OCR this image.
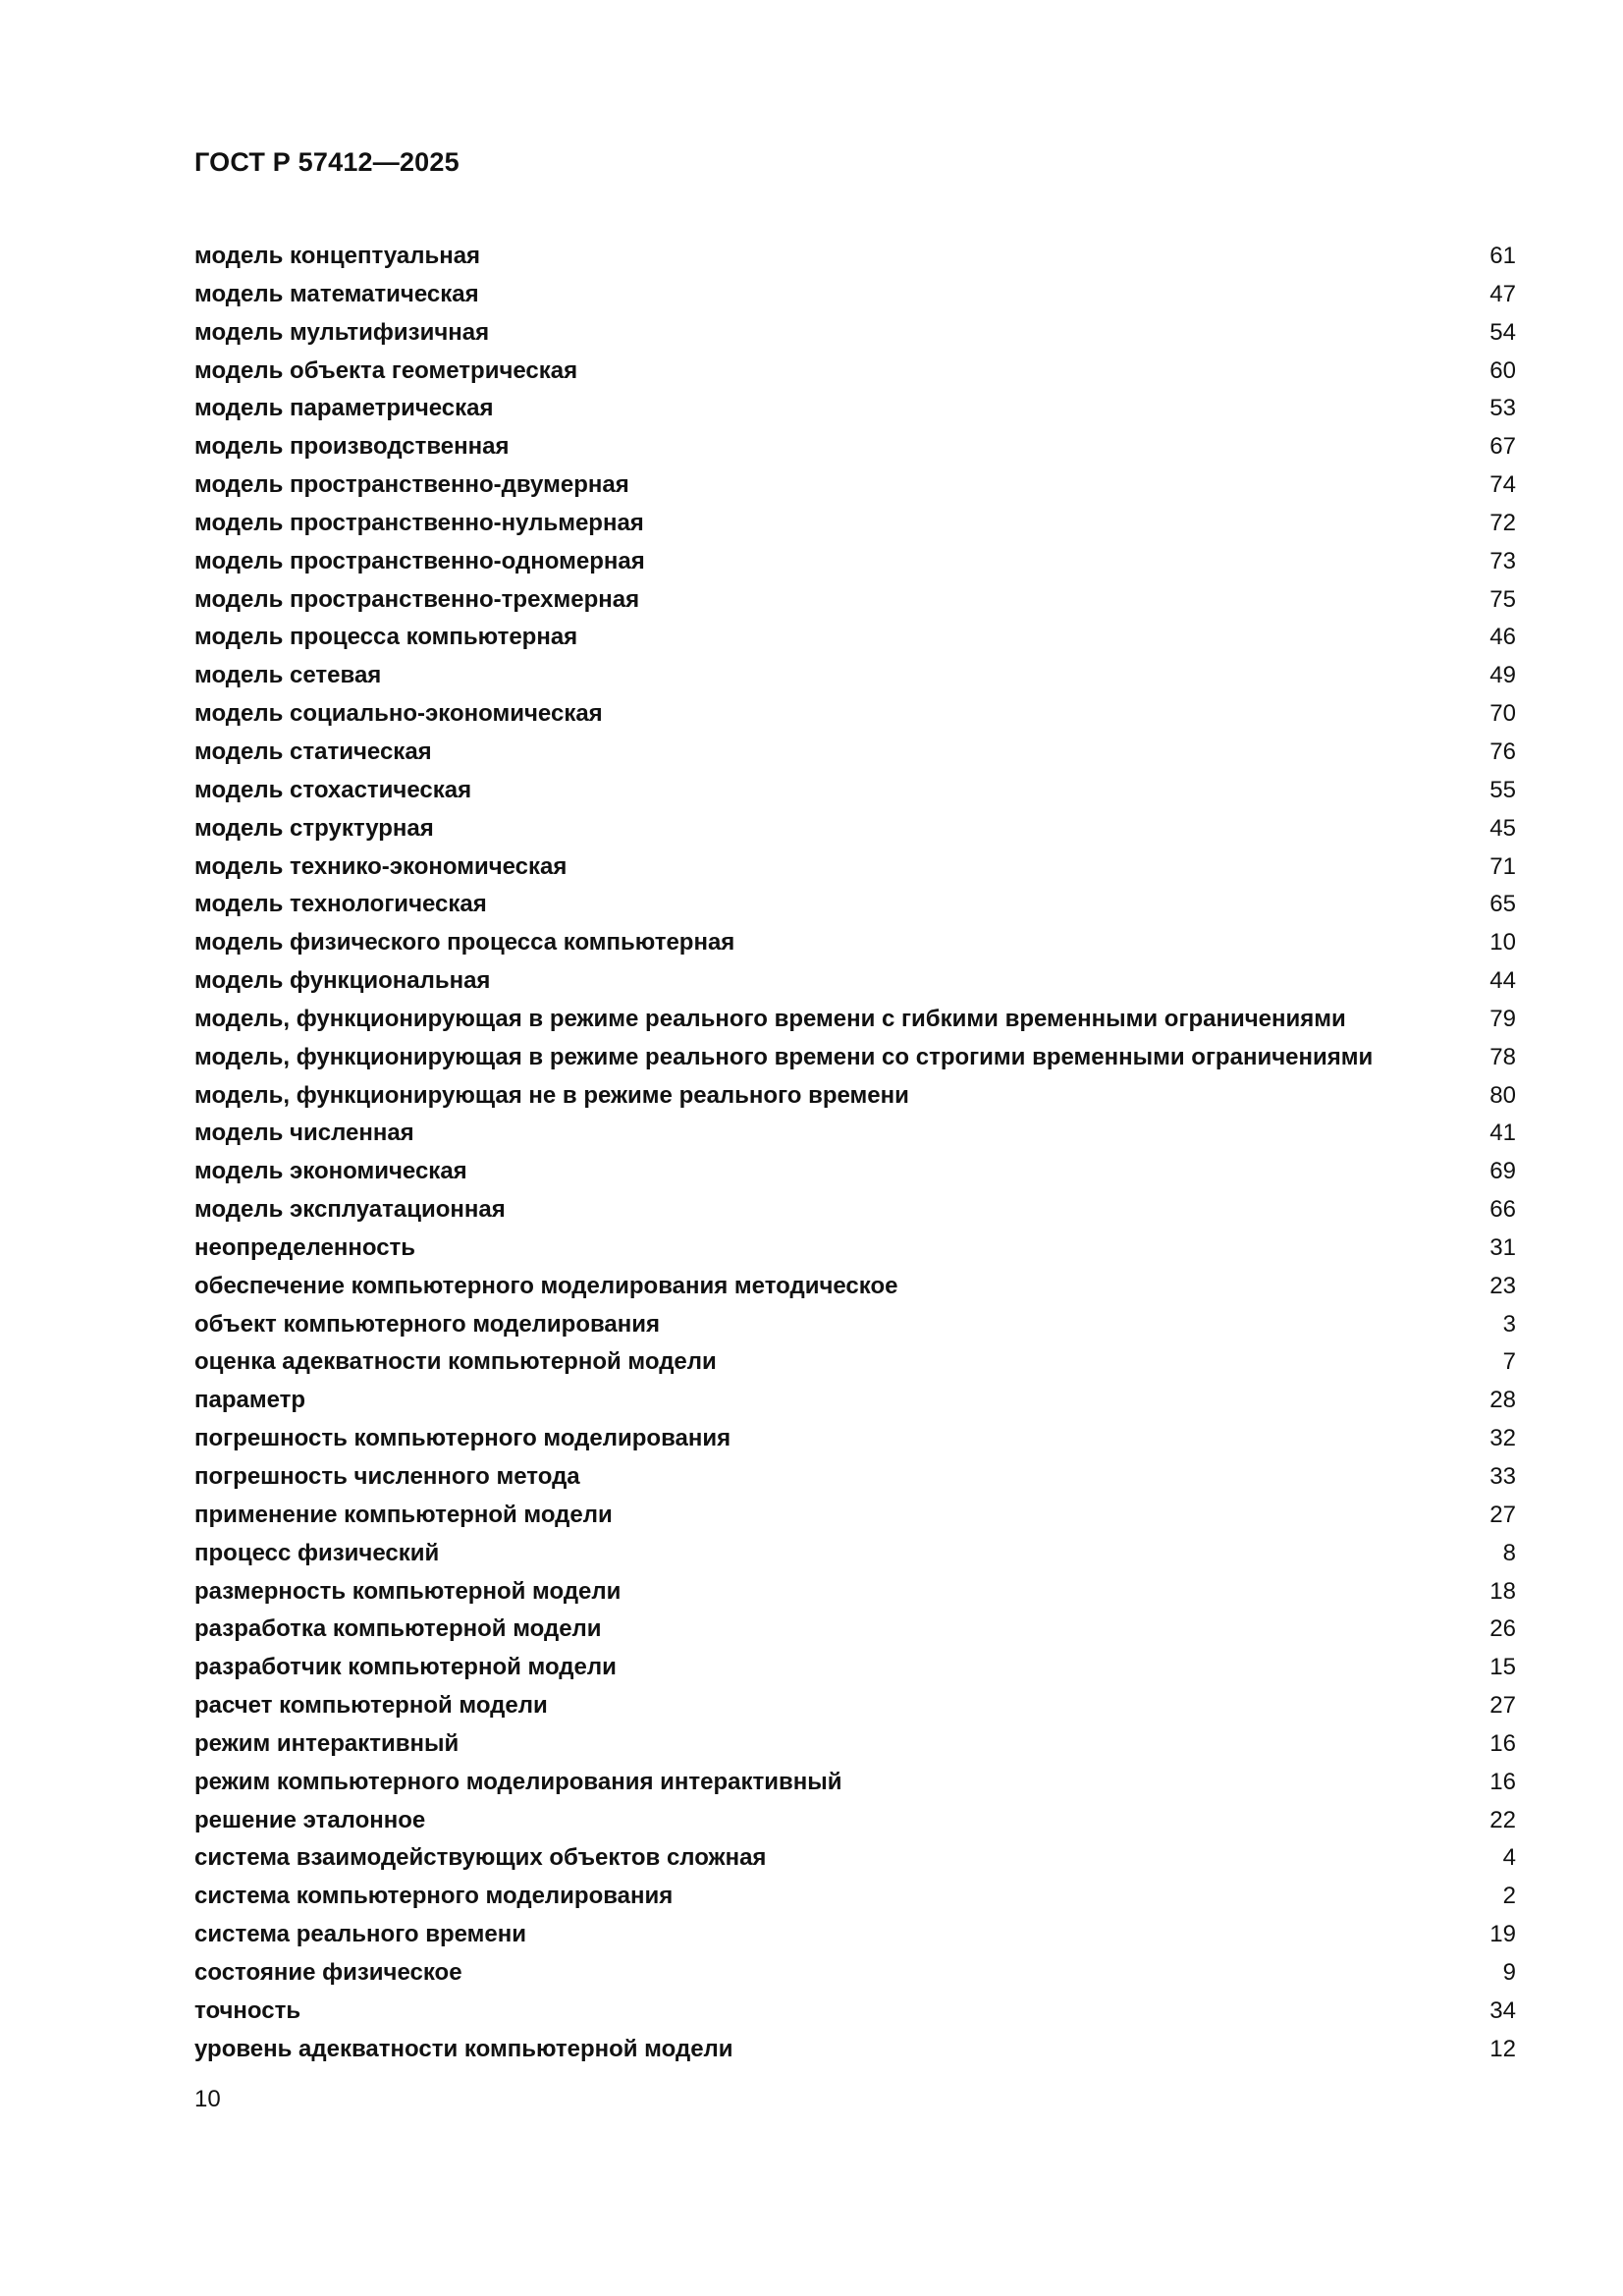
ГОСТ Р 57412—2025
модель концептуальная	61
модель математическая	47
модель мультифизичная	54
модель объекта геометрическая	60
модель параметрическая	53
модель производственная	67
модель пространственно-двумерная	74
модель пространственно-нульмерная	72
модель пространственно-одномерная	73
модель пространственно-трехмерная	75
модель процесса компьютерная	46
модель сетевая	49
модель социально-экономическая	70
модель статическая	76
модель стохастическая	55
модель структурная	45
модель технико-экономическая	71
модель технологическая	65
модель физического процесса компьютерная	10
модель функциональная	44
модель, функционирующая в режиме реального времени с гибкими временными ограничениями	79
модель, функционирующая в режиме реального времени со строгими временными ограничениями	78
модель, функционирующая не в режиме реального времени	80
модель численная	41
модель экономическая	69
модель эксплуатационная	66
неопределенность	31
обеспечение компьютерного моделирования методическое	23
объект компьютерного моделирования	3
оценка адекватности компьютерной модели	7
параметр	28
погрешность компьютерного моделирования	32
погрешность численного метода	33
применение компьютерной модели	27
процесс физический	8
размерность компьютерной модели	18
разработка компьютерной модели	26
разработчик компьютерной модели	15
расчет компьютерной модели	27
режим интерактивный	16
режим компьютерного моделирования интерактивный	16
решение эталонное	22
система взаимодействующих объектов сложная	4
система компьютерного моделирования	2
система реального времени	19
состояние физическое	9
точность	34
уровень адекватности компьютерной модели	12
10
